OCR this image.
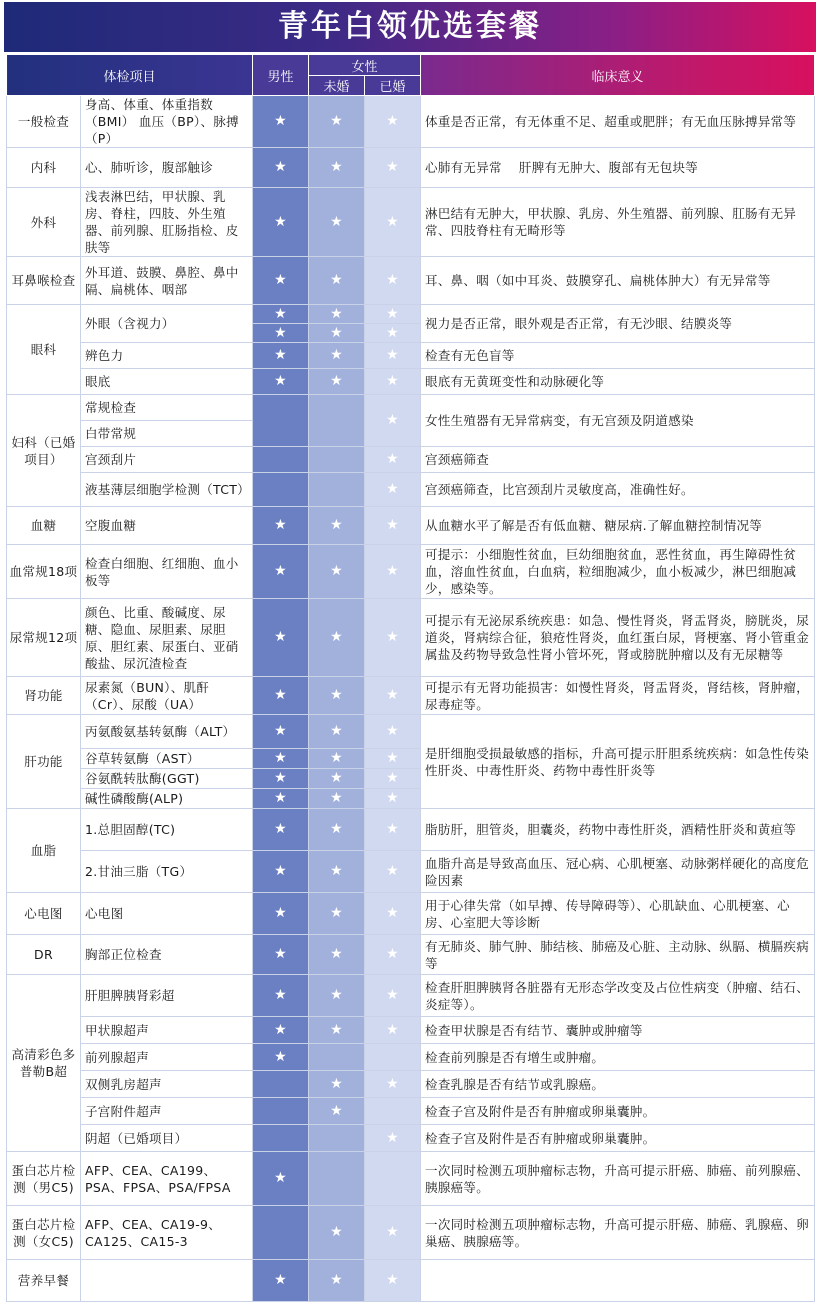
青年白领优选套餐
体检项目		男性	女性		临床意义
			未婚	已婚	
一般检查	身高、体重、体重指数（BMI） 血压（BP）、脉搏（P）	★	★	★	体重是否正常，有无体重不足、超重或肥胖；有无血压脉搏异常等
内科	心、肺听诊，腹部触诊	★	★	★	心肺有无异常　 肝脾有无肿大、腹部有无包块等
外科	浅表淋巴结，甲状腺、乳房、脊柱，四肢、外生殖器、前列腺、肛肠指检、皮肤等	★	★	★	淋巴结有无肿大，甲状腺、乳房、外生殖器、前列腺、肛肠有无异常、四肢脊柱有无畸形等
耳鼻喉检查	外耳道、鼓膜、鼻腔、鼻中隔、扁桃体、咽部	★	★	★	耳、鼻、咽（如中耳炎、鼓膜穿孔、扁桃体肿大）有无异常等
眼科	外眼（含视力）	★	★	★	视力是否正常，眼外观是否正常，有无沙眼、结膜炎等
		★	★	★	
	辨色力	★	★	★	检查有无色盲等
	眼底	★	★	★	眼底有无黄斑变性和动脉硬化等
妇科（已婚项目）	常规检查			★	女性生殖器有无异常病变，有无宫颈及阴道感染
	白带常规				
	宫颈刮片			★	宫颈癌筛查
	液基薄层细胞学检测（TCT）			★	宫颈癌筛查，比宫颈刮片灵敏度高，准确性好。
血糖	空腹血糖	★	★	★	从血糖水平了解是否有低血糖、糖尿病.了解血糖控制情况等
血常规18项	检查白细胞、红细胞、血小板等	★	★	★	可提示：小细胞性贫血，巨幼细胞贫血，恶性贫血，再生障碍性贫血，溶血性贫血，白血病，粒细胞减少，血小板减少，淋巴细胞减少，感染等。
尿常规12项	颜色、比重、酸碱度、尿糖、隐血、尿胆素、尿胆原、胆红素、尿蛋白、亚硝酸盐、尿沉渣检查	★	★	★	可提示有无泌尿系统疾患：如急、慢性肾炎，肾盂肾炎，膀胱炎，尿道炎，肾病综合征，狼疮性肾炎，血红蛋白尿，肾梗塞、肾小管重金属盐及药物导致急性肾小管坏死，肾或膀胱肿瘤以及有无尿糖等
肾功能	尿素氮（BUN）、肌酐（Cr）、尿酸（UA）	★	★	★	可提示有无肾功能损害：如慢性肾炎，肾盂肾炎，肾结核，肾肿瘤，尿毒症等。
肝功能	丙氨酸氨基转氨酶（ALT）	★	★	★	是肝细胞受损最敏感的指标，升高可提示肝胆系统疾病：如急性传染性肝炎、中毒性肝炎、药物中毒性肝炎等
	谷草转氨酶（AST）	★	★	★	
	谷氨酰转肽酶(GGT)	★	★	★	
	碱性磷酸酶(ALP)	★	★	★	
血脂	1.总胆固醇(TC)	★	★	★	脂肪肝，胆管炎，胆囊炎，药物中毒性肝炎，酒精性肝炎和黄疸等
	2.甘油三脂（TG）	★	★	★	血脂升高是导致高血压、冠心病、心肌梗塞、动脉粥样硬化的高度危险因素
心电图	心电图	★	★	★	用于心律失常（如早搏、传导障碍等）、心肌缺血、心肌梗塞、心房、心室肥大等诊断
DR	胸部正位检查	★	★	★	有无肺炎、肺气肿、肺结核、肺癌及心脏、主动脉、纵膈、横膈疾病等
高清彩色多普勒B超	肝胆脾胰肾彩超	★	★	★	检查肝胆脾胰肾各脏器有无形态学改变及占位性病变（肿瘤、结石、炎症等）。
	甲状腺超声	★	★	★	检查甲状腺是否有结节、囊肿或肿瘤等
	前列腺超声	★			检查前列腺是否有增生或肿瘤。
	双侧乳房超声		★	★	检查乳腺是否有结节或乳腺癌。
	子宫附件超声		★		检查子宫及附件是否有肿瘤或卵巢囊肿。
	阴超（已婚项目）			★	检查子宫及附件是否有肿瘤或卵巢囊肿。
蛋白芯片检测（男C5)	AFP、CEA、CA199、PSA、FPSA、PSA/FPSA	★			一次同时检测五项肿瘤标志物，升高可提示肝癌、肺癌、前列腺癌、胰腺癌等。
蛋白芯片检测（女C5)	AFP、CEA、CA19-9、CA125、CA15-3		★	★	一次同时检测五项肿瘤标志物，升高可提示肝癌、肺癌、乳腺癌、卵巢癌、胰腺癌等。
营养早餐		★	★	★	
